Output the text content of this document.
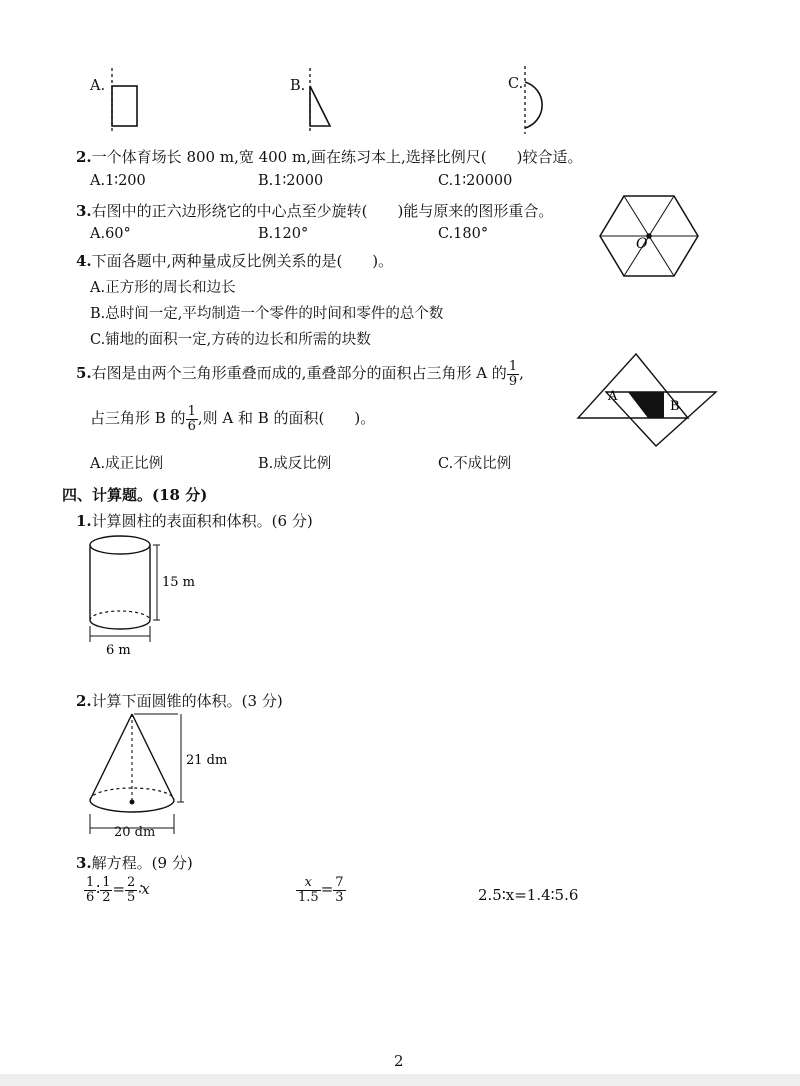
A.	B.	C.
2.一个体育场长 800 m,宽 400 m,画在练习本上,选择比例尺(　　)较合适。
A.1∶200	B.1∶2000	C.1∶20000
3.右图中的正六边形绕它的中心点至少旋转(　　)能与原来的图形重合。
A.60°	B.120°	C.180°
O
4.下面各题中,两种量成反比例关系的是(　　)。
A.正方形的周长和边长
B.总时间一定,平均制造一个零件的时间和零件的总个数
C.铺地的面积一定,方砖的边长和所需的块数
5.右图是由两个三角形重叠而成的,重叠部分的面积占三角形 A 的 $\frac{1}{9}$ ,
占三角形 B 的 $\frac{1}{6}$ ,则 A 和 B 的面积(　　)。
A.成正比例	B.成反比例	C.不成比例
A
B
四、计算题。(18 分)
1.计算圆柱的表面积和体积。(6 分)
15 m
6 m
2.计算下面圆锥的体积。(3 分)
21 dm
20 dm
3.解方程。(9 分)
$\frac{1}{6}$ ∶ $\frac{1}{2} = \frac{2}{5}$ ∶x	$\frac{x}{1.5} = \frac{7}{3}$	2.5∶x=1.4∶5.6
2
